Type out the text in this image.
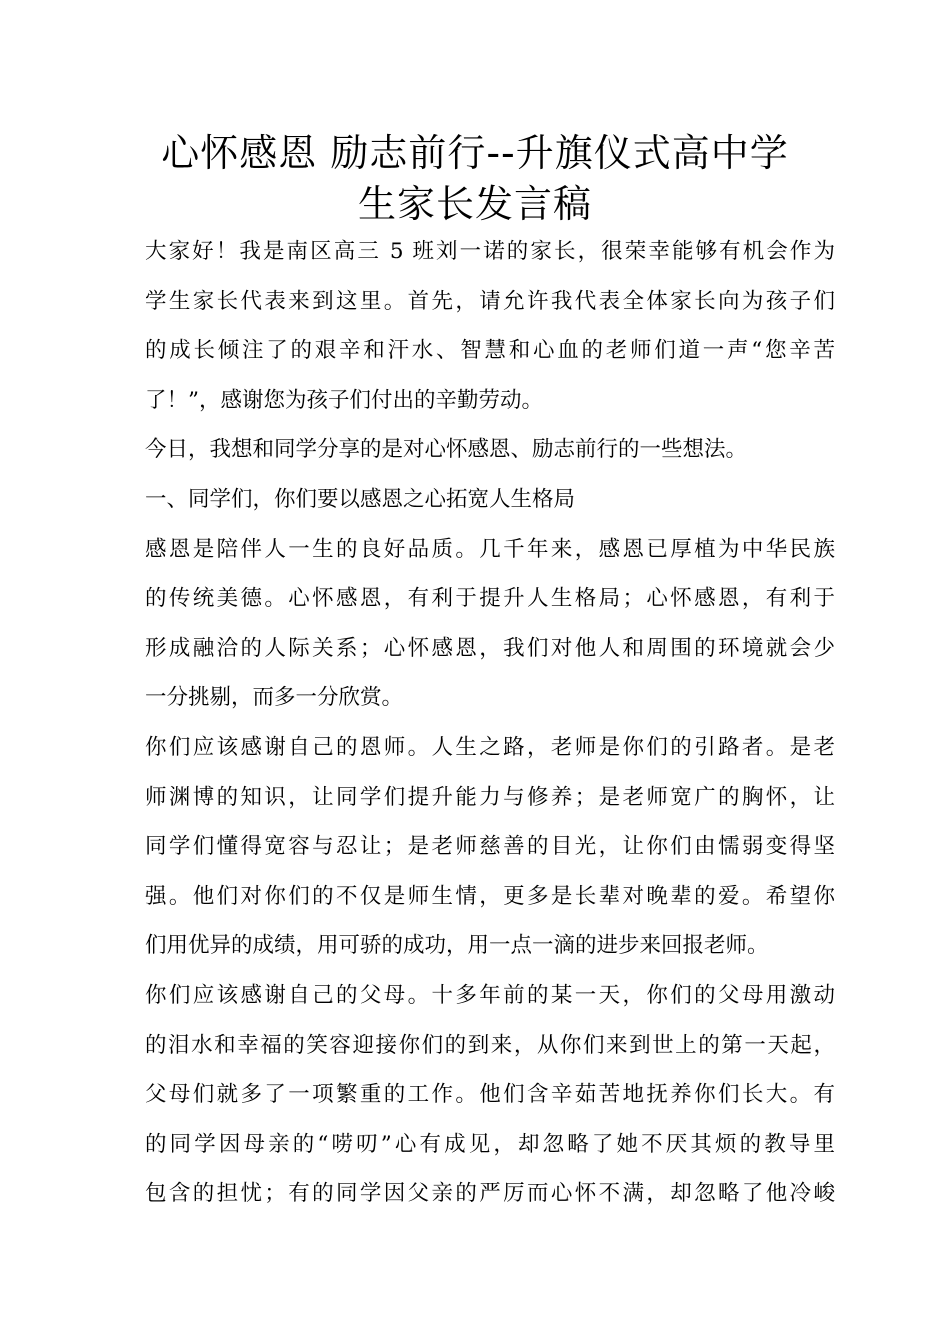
心怀感恩 励志前行--升旗仪式高中学
生家长发言稿
大家好！我是南区高三 5 班刘一诺的家长，很荣幸能够有机会作为
学生家长代表来到这里。首先，请允许我代表全体家长向为孩子们
的成长倾注了的艰辛和汗水、智慧和心血的老师们道一声“您辛苦
了！”，感谢您为孩子们付出的辛勤劳动。
今日，我想和同学分享的是对心怀感恩、励志前行的一些想法。
一、同学们，你们要以感恩之心拓宽人生格局
感恩是陪伴人一生的良好品质。几千年来，感恩已厚植为中华民族
的传统美德。心怀感恩，有利于提升人生格局；心怀感恩，有利于
形成融洽的人际关系；心怀感恩，我们对他人和周围的环境就会少
一分挑剔，而多一分欣赏。
你们应该感谢自己的恩师。人生之路，老师是你们的引路者。是老
师渊博的知识，让同学们提升能力与修养；是老师宽广的胸怀，让
同学们懂得宽容与忍让；是老师慈善的目光，让你们由懦弱变得坚
强。他们对你们的不仅是师生情，更多是长辈对晚辈的爱。希望你
们用优异的成绩，用可骄的成功，用一点一滴的进步来回报老师。
你们应该感谢自己的父母。十多年前的某一天，你们的父母用激动
的泪水和幸福的笑容迎接你们的到来，从你们来到世上的第一天起，
父母们就多了一项繁重的工作。他们含辛茹苦地抚养你们长大。有
的同学因母亲的“唠叨”心有成见，却忽略了她不厌其烦的教导里
包含的担忧；有的同学因父亲的严厉而心怀不满，却忽略了他冷峻
